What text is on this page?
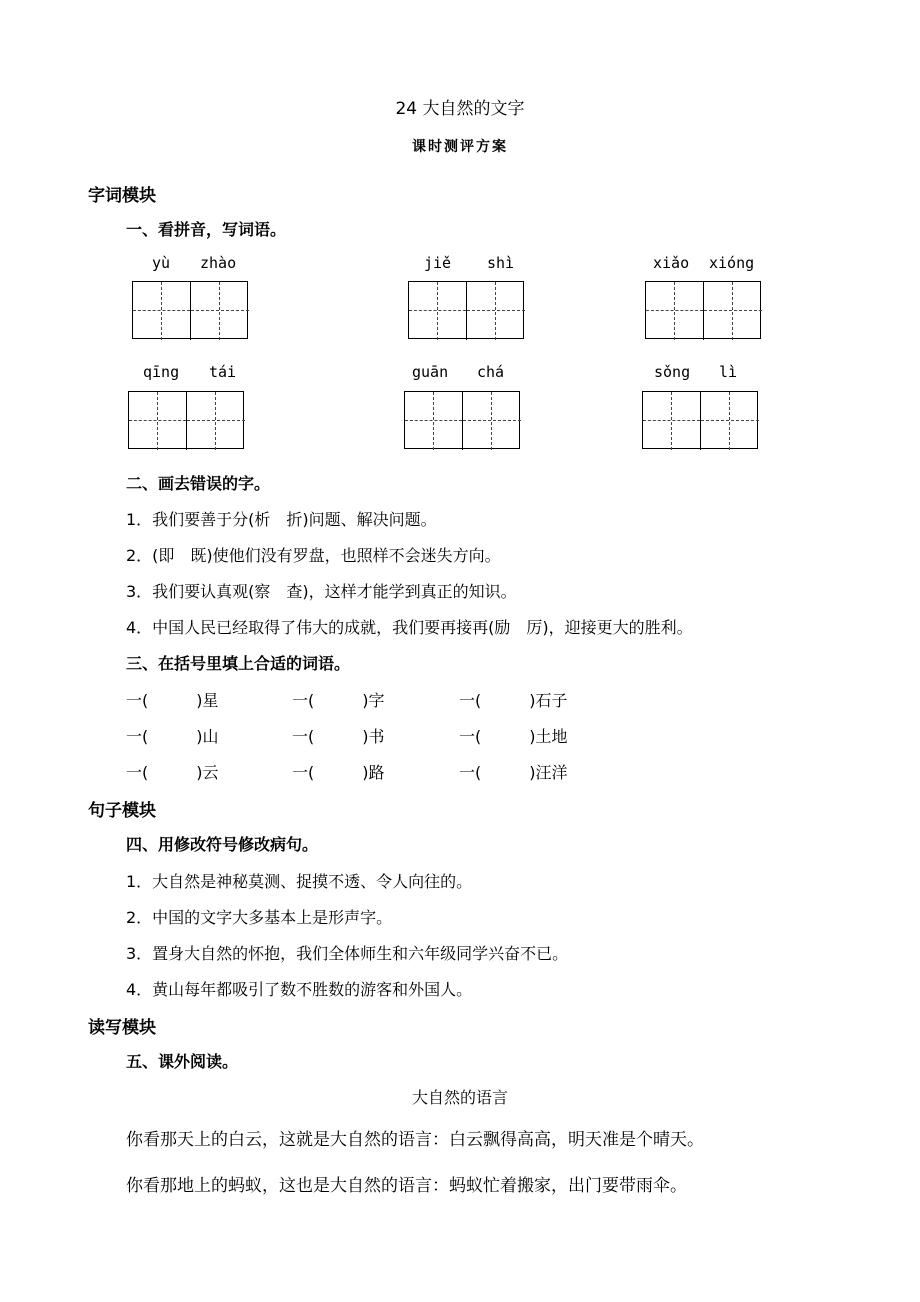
24 大自然的文字
课时测评方案
字词模块
一、看拼音，写词语。
yù zhào	jiě shì	xiǎo xióng
qīng tái	guān chá	sǒng lì
二、画去错误的字。
1．我们要善于分(析　折)问题、解决问题。
2．(即　既)使他们没有罗盘，也照样不会迷失方向。
3．我们要认真观(察　查)，这样才能学到真正的知识。
4．中国人民已经取得了伟大的成就，我们要再接再(励　厉)，迎接更大的胜利。
三、在括号里填上合适的词语。
一(　　　)星	一(　　　)字	一(　　　)石子
一(　　　)山	一(　　　)书	一(　　　)土地
一(　　　)云	一(　　　)路	一(　　　)汪洋
句子模块
四、用修改符号修改病句。
1．大自然是神秘莫测、捉摸不透、令人向往的。
2．中国的文字大多基本上是形声字。
3．置身大自然的怀抱，我们全体师生和六年级同学兴奋不已。
4．黄山每年都吸引了数不胜数的游客和外国人。
读写模块
五、课外阅读。
大自然的语言
你看那天上的白云，这就是大自然的语言：白云飘得高高，明天准是个晴天。
你看那地上的蚂蚁，这也是大自然的语言：蚂蚁忙着搬家，出门要带雨伞。
